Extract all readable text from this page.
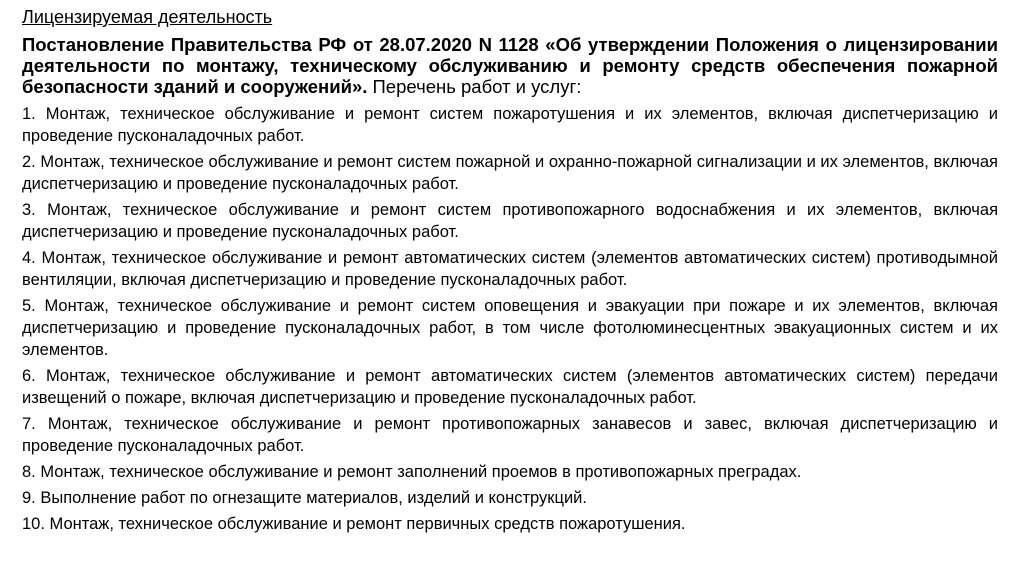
Лицензируемая деятельность

Постановление Правительства РФ от 28.07.2020 N 1128 «Об утверждении Положения о лицензировании деятельности по монтажу, техническому обслуживанию и ремонту средств обеспечения пожарной безопасности зданий и сооружений». Перечень работ и услуг:

1. Монтаж, техническое обслуживание и ремонт систем пожаротушения и их элементов, включая диспетчеризацию и проведение пусконаладочных работ.
2. Монтаж, техническое обслуживание и ремонт систем пожарной и охранно-пожарной сигнализации и их элементов, включая диспетчеризацию и проведение пусконаладочных работ.
3. Монтаж, техническое обслуживание и ремонт систем противопожарного водоснабжения и их элементов, включая диспетчеризацию и проведение пусконаладочных работ.
4. Монтаж, техническое обслуживание и ремонт автоматических систем (элементов автоматических систем) противодымной вентиляции, включая диспетчеризацию и проведение пусконаладочных работ.
5. Монтаж, техническое обслуживание и ремонт систем оповещения и эвакуации при пожаре и их элементов, включая диспетчеризацию и проведение пусконаладочных работ, в том числе фотолюминесцентных эвакуационных систем и их элементов.
6. Монтаж, техническое обслуживание и ремонт автоматических систем (элементов автоматических систем) передачи извещений о пожаре, включая диспетчеризацию и проведение пусконаладочных работ.
7. Монтаж, техническое обслуживание и ремонт противопожарных занавесов и завес, включая диспетчеризацию и проведение пусконаладочных работ.
8. Монтаж, техническое обслуживание и ремонт заполнений проемов в противопожарных преградах.
9. Выполнение работ по огнезащите материалов, изделий и конструкций.
10. Монтаж, техническое обслуживание и ремонт первичных средств пожаротушения.
